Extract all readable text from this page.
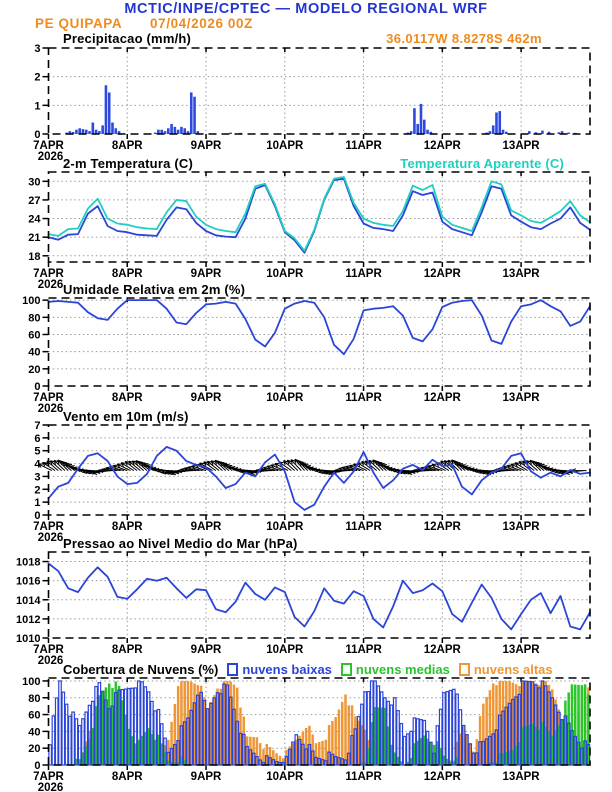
0
1
2
3
7APR	8APR	9APR	10APR	11APR	12APR	13APR
2026
18
21
24
27
30
7APR	8APR	9APR	10APR	11APR	12APR	13APR
2026
0
20
40
60
80
100
7APR	8APR	9APR	10APR	11APR	12APR	13APR
2026
0
1
2
3
4
5
6
7
7APR	8APR	9APR	10APR	11APR	12APR	13APR
2026
1010
1012
1014
1016
1018
7APR	8APR	9APR	10APR	11APR	12APR	13APR
2026
0
20
40
60
80
100
7APR	8APR	9APR	10APR	11APR	12APR	13APR
2026
MCTIC/INPE/CPTEC — MODELO REGIONAL WRF
PE QUIPAPA 07/04/2026 00Z
36.0117W 8.8278S 462m
Precipitacao (mm/h)
2-m Temperatura (C)	Temperatura Aparente (C)
Umidade Relativa em 2m (%)
Vento em 10m (m/s)
Pressao ao Nivel Medio do Mar (hPa)
Cobertura de Nuvens (%) nuvens baixas nuvens medias nuvens altas
